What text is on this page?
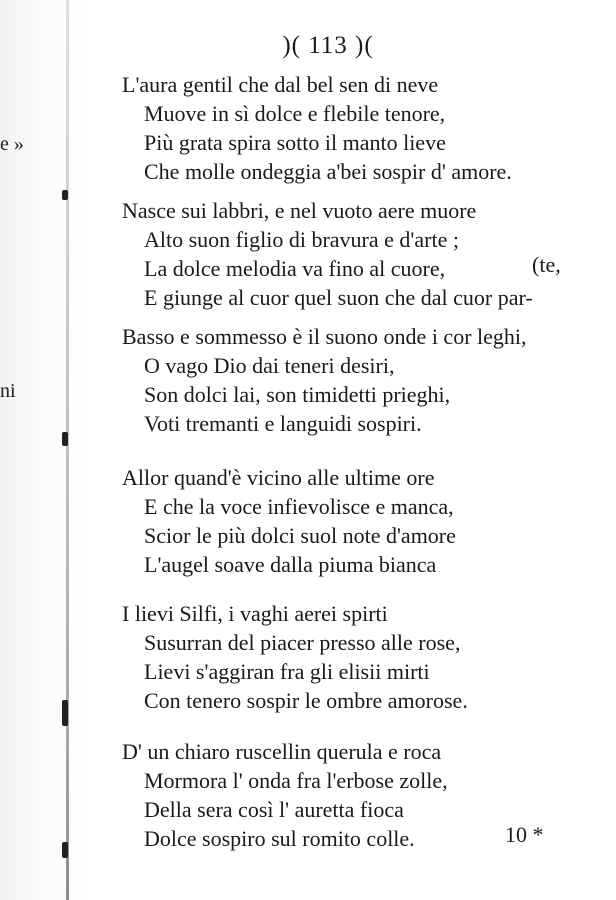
e »
ni
)( 113 )(
L'aura gentil che dal bel sen di neve
Muove in sì dolce e flebile tenore,
Più grata spira sotto il manto lieve
Che molle ondeggia a'bei sospir d' amore.
Nasce sui labbri, e nel vuoto aere muore
Alto suon figlio di bravura e d'arte ;
La dolce melodia va fino al cuore,
E giunge al cuor quel suon che dal cuor par-
(te,
Basso e sommesso è il suono onde i cor leghi,
O vago Dio dai teneri desiri,
Son dolci lai, son timidetti prieghi,
Voti tremanti e languidi sospiri.
Allor quand'è vicino alle ultime ore
E che la voce infievolisce e manca,
Scior le più dolci suol note d'amore
L'augel soave dalla piuma bianca
I lievi Silfi, i vaghi aerei spirti
Susurran del piacer presso alle rose,
Lievi s'aggiran fra gli elisii mirti
Con tenero sospir le ombre amorose.
D' un chiaro ruscellin querula e roca
Mormora l' onda fra l'erbose zolle,
Della sera così l' auretta fioca
Dolce sospiro sul romito colle.	10 *
